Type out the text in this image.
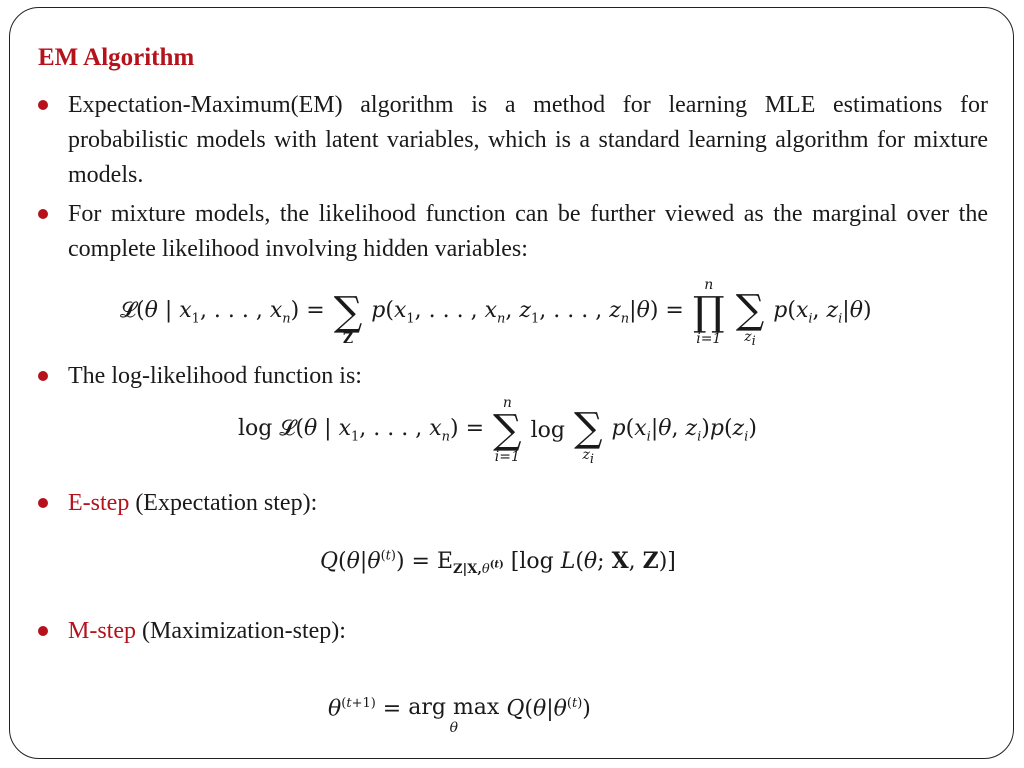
EM Algorithm
Expectation-Maximum(EM) algorithm is a method for learning MLE estimations for probabilistic models with latent variables, which is a standard learning algorithm for mixture models.
For mixture models, the likelihood function can be further viewed as the marginal over the complete likelihood involving hidden variables:
𝓛(θ | $x_1$, . . . , $x_n$) =
∑
Z
$p(x_1$, . . . , $x_n$, $z_1$, . . . , $z_n|\theta$) =
n
∏
i=1

∑
$z_i$
$p(x_i$, $z_i|\theta$)
The log-likelihood function is:
log 𝓛(θ | $x_1$, . . . , $x_n$) =
n
∑
i=1
log
∑
$z_i$
$p(x_i|\theta$, $z_i)p(z_i)$
E-step (Expectation step):
$Q(\theta|\theta^{(t)}) = E_{Z|X,\theta^{(t)}}$ [log L(θ; X, Z)]
M-step (Maximization-step):
$\theta^{(t+1)}$ = arg max
θ
$Q(\theta|\theta^{(t)})$
